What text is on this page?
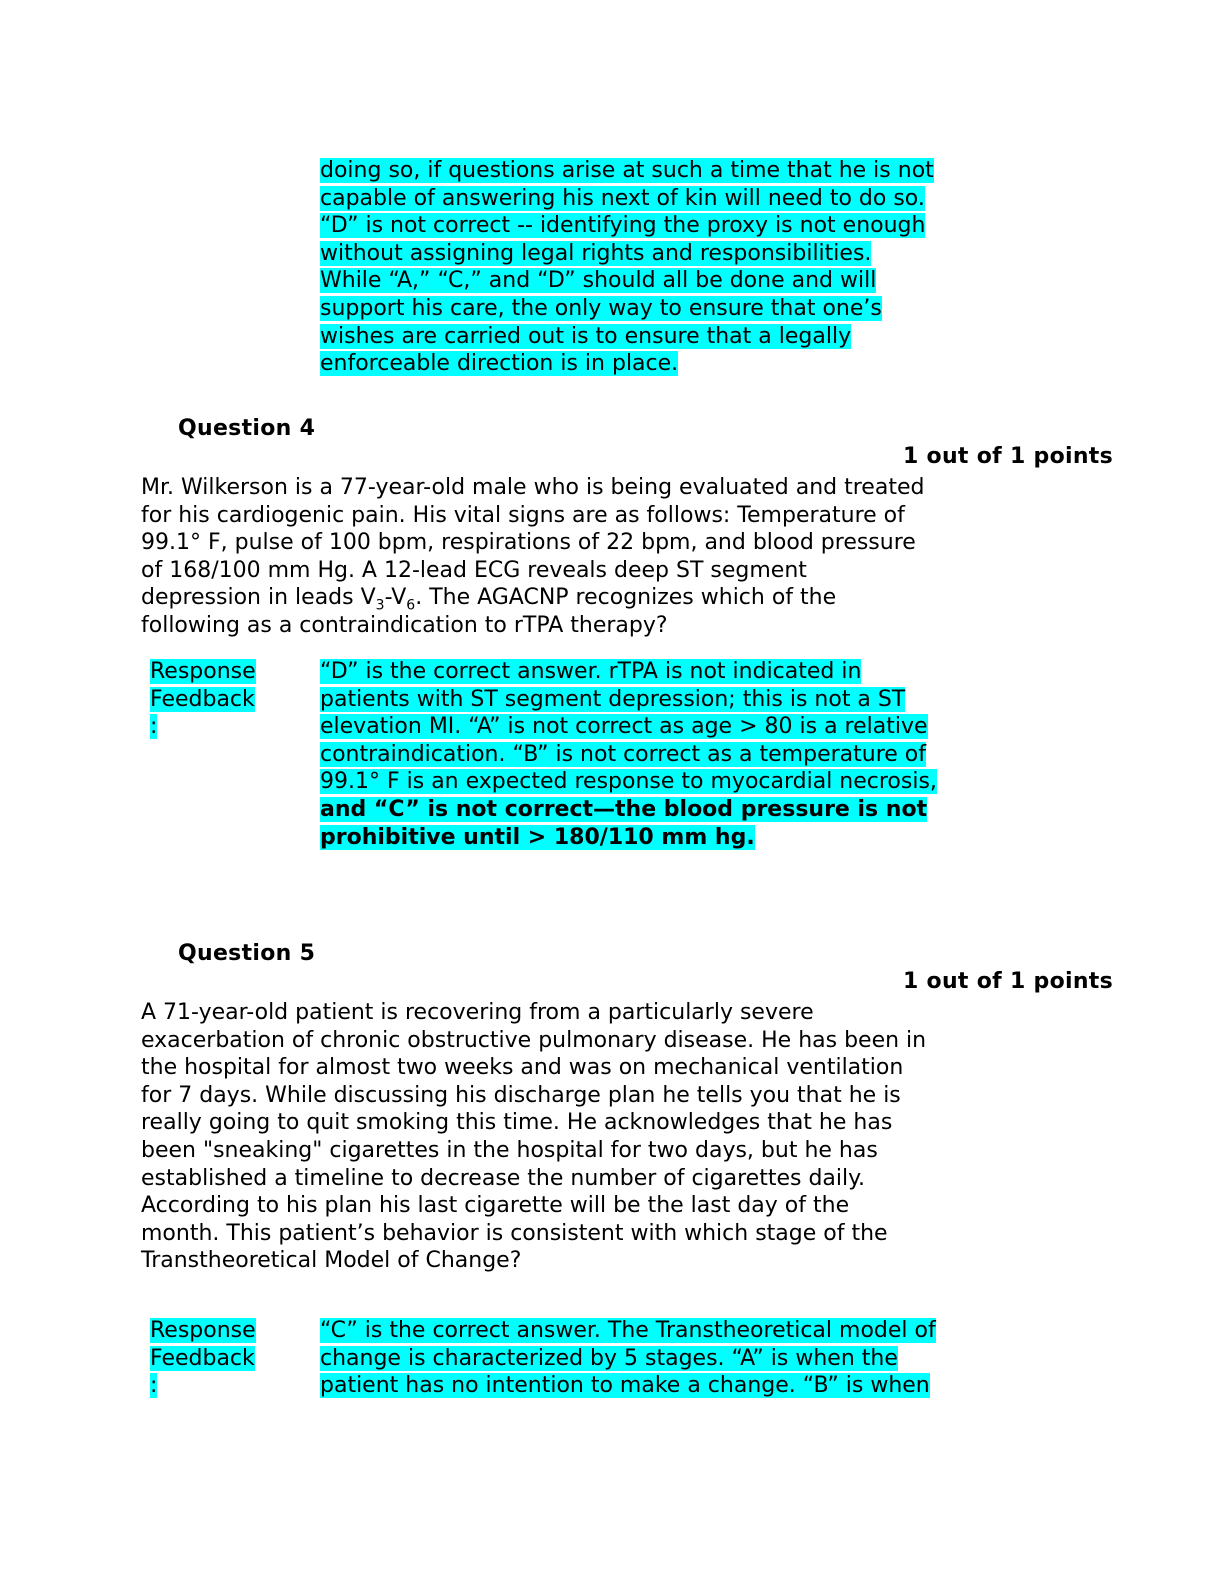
doing so, if questions arise at such a time that he is not
capable of answering his next of kin will need to do so.
“D” is not correct -- identifying the proxy is not enough
without assigning legal rights and responsibilities.
While “A,” “C,” and “D” should all be done and will
support his care, the only way to ensure that one’s
wishes are carried out is to ensure that a legally
enforceable direction is in place.
Question 4
1 out of 1 points
Mr. Wilkerson is a 77-year-old male who is being evaluated and treated
for his cardiogenic pain. His vital signs are as follows: Temperature of
99.1° F, pulse of 100 bpm, respirations of 22 bpm, and blood pressure
of 168/100 mm Hg. A 12-lead ECG reveals deep ST segment
depression in leads $V_3-V_6$. The AGACNP recognizes which of the
following as a contraindication to rTPA therapy?
Response
Feedback
:
“D” is the correct answer. rTPA is not indicated in
patients with ST segment depression; this is not a ST
elevation MI. “A” is not correct as age > 80 is a relative
contraindication. “B” is not correct as a temperature of
99.1° F is an expected response to myocardial necrosis,
and “C” is not correct—the blood pressure is not
prohibitive until > 180/110 mm hg.
Question 5
1 out of 1 points
A 71-year-old patient is recovering from a particularly severe
exacerbation of chronic obstructive pulmonary disease. He has been in
the hospital for almost two weeks and was on mechanical ventilation
for 7 days. While discussing his discharge plan he tells you that he is
really going to quit smoking this time. He acknowledges that he has
been "sneaking" cigarettes in the hospital for two days, but he has
established a timeline to decrease the number of cigarettes daily.
According to his plan his last cigarette will be the last day of the
month. This patient’s behavior is consistent with which stage of the
Transtheoretical Model of Change?
Response
Feedback
:
“C” is the correct answer. The Transtheoretical model of
change is characterized by 5 stages. “A” is when the
patient has no intention to make a change. “B” is when
